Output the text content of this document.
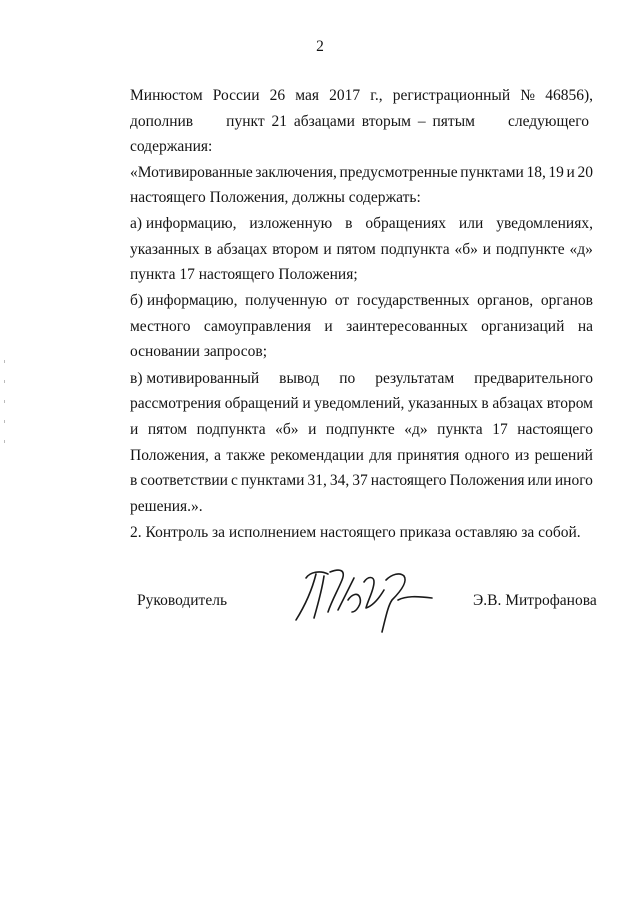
2
Минюстом России 26 мая 2017 г., регистрационный № 46856),
дополнив пункт 21 абзацами вторым – пятым следующего
содержания:
«Мотивированные заключения, предусмотренные пунктами 18, 19 и 20
настоящего Положения, должны содержать:
а) информацию, изложенную в обращениях или уведомлениях,
указанных в абзацах втором и пятом подпункта «б» и подпункте «д»
пункта 17 настоящего Положения;
б) информацию, полученную от государственных органов, органов
местного самоуправления и заинтересованных организаций на
основании запросов;
в) мотивированный вывод по результатам предварительного
рассмотрения обращений и уведомлений, указанных в абзацах втором
и пятом подпункта «б» и подпункте «д» пункта 17 настоящего
Положения, а также рекомендации для принятия одного из решений
в соответствии с пунктами 31, 34, 37 настоящего Положения или иного
решения.».
2. Контроль за исполнением настоящего приказа оставляю за собой.
Руководитель	Э.В. Митрофанова
